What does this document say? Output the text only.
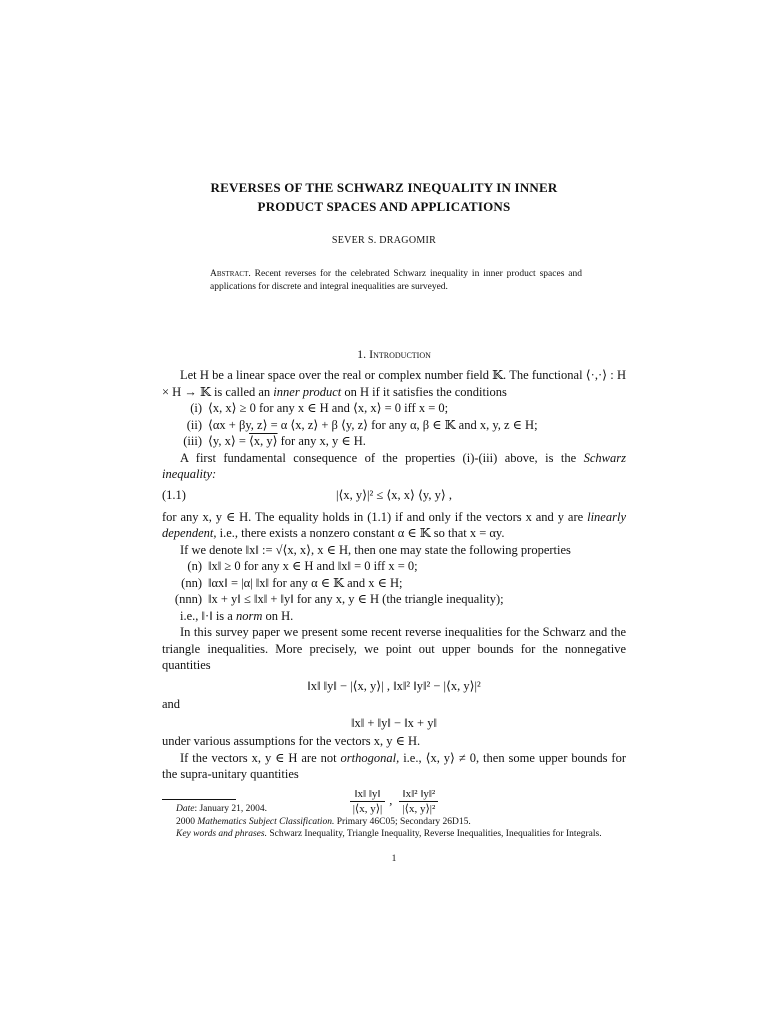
REVERSES OF THE SCHWARZ INEQUALITY IN INNER
PRODUCT SPACES AND APPLICATIONS
SEVER S. DRAGOMIR
Abstract. Recent reverses for the celebrated Schwarz inequality in inner product spaces and applications for discrete and integral inequalities are surveyed.
1. Introduction

Let H be a linear space over the real or complex number field 𝕂. The functional ⟨·,·⟩ : H × H → 𝕂 is called an inner product on H if it satisfies the conditions

(i) ⟨x, x⟩ ≥ 0 for any x ∈ H and ⟨x, x⟩ = 0 iff x = 0;
(ii) ⟨αx + βy, z⟩ = α ⟨x, z⟩ + β ⟨y, z⟩ for any α, β ∈ 𝕂 and x, y, z ∈ H;
(iii) ⟨y, x⟩ = ⟨x, y⟩ for any x, y ∈ H.

A first fundamental consequence of the properties (i)-(iii) above, is the Schwarz inequality:

|⟨x, y⟩|² ≤ ⟨x, x⟩ ⟨y, y⟩ ,
(1.1)

for any x, y ∈ H. The equality holds in (1.1) if and only if the vectors x and y are linearly dependent, i.e., there exists a nonzero constant α ∈ 𝕂 so that x = αy.

If we denote ‖x‖ := √⟨x, x⟩, x ∈ H, then one may state the following properties

(n) ‖x‖ ≥ 0 for any x ∈ H and ‖x‖ = 0 iff x = 0;
(nn) ‖αx‖ = |α| ‖x‖ for any α ∈ 𝕂 and x ∈ H;
(nnn) ‖x + y‖ ≤ ‖x‖ + ‖y‖ for any x, y ∈ H (the triangle inequality);

i.e., ‖·‖ is a norm on H.

In this survey paper we present some recent reverse inequalities for the Schwarz and the triangle inequalities. More precisely, we point out upper bounds for the nonnegative quantities

‖x‖ ‖y‖ − |⟨x, y⟩| , ‖x‖² ‖y‖² − |⟨x, y⟩|²

and

‖x‖ + ‖y‖ − ‖x + y‖

under various assumptions for the vectors x, y ∈ H.

If the vectors x, y ∈ H are not orthogonal, i.e., ⟨x, y⟩ ≠ 0, then some upper bounds for the supra-unitary quantities

$\frac{‖x‖ ‖y‖}{|⟨x, y⟩|}$ , $\frac{\text{‖x‖² ‖y‖²}}{\text{|⟨x, y⟩|²}}$

Date: January 21, 2004.

2000 Mathematics Subject Classification. Primary 46C05; Secondary 26D15.

Key words and phrases. Schwarz Inequality, Triangle Inequality, Reverse Inequalities, Inequalities for Integrals.

1
